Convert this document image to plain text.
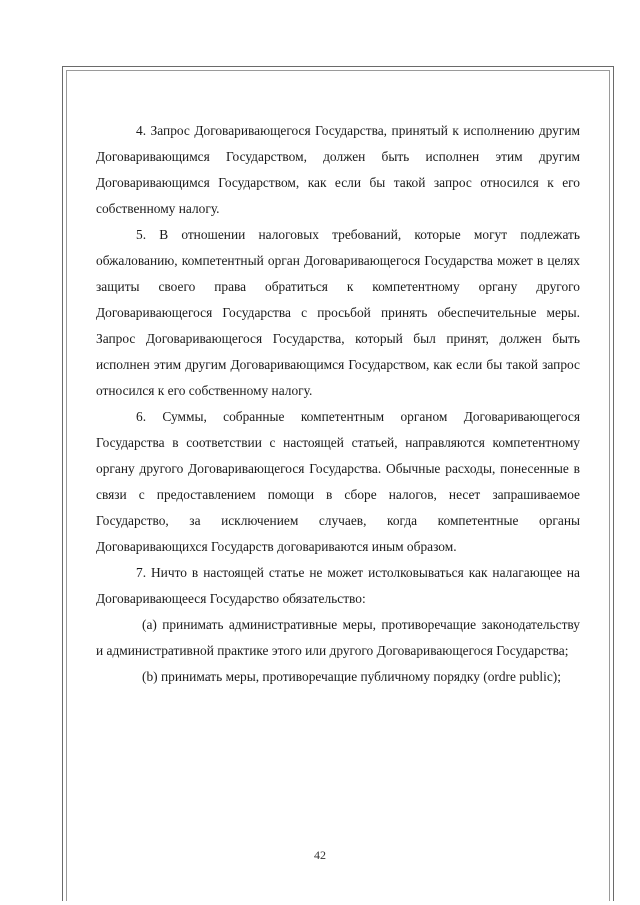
4. Запрос Договаривающегося Государства, принятый к исполнению другим Договаривающимся Государством, должен быть исполнен этим другим Договаривающимся Государством, как если бы такой запрос относился к его собственному налогу.

5. В отношении налоговых требований, которые могут подлежать обжалованию, компетентный орган Договаривающегося Государства может в целях защиты своего права обратиться к компетентному органу другого Договаривающегося Государства с просьбой принять обеспечительные меры. Запрос Договаривающегося Государства, который был принят, должен быть исполнен этим другим Договаривающимся Государством, как если бы такой запрос относился к его собственному налогу.

6. Суммы, собранные компетентным органом Договаривающегося Государства в соответствии с настоящей статьей, направляются компетентному органу другого Договаривающегося Государства. Обычные расходы, понесенные в связи с предоставлением помощи в сборе налогов, несет запрашиваемое Государство, за исключением случаев, когда компетентные органы Договаривающихся Государств договариваются иным образом.

7. Ничто в настоящей статье не может истолковываться как налагающее на Договаривающееся Государство обязательство:

(a) принимать административные меры, противоречащие законодательству и административной практике этого или другого Договаривающегося Государства;

(b) принимать меры, противоречащие публичному порядку (ordre public);

42
